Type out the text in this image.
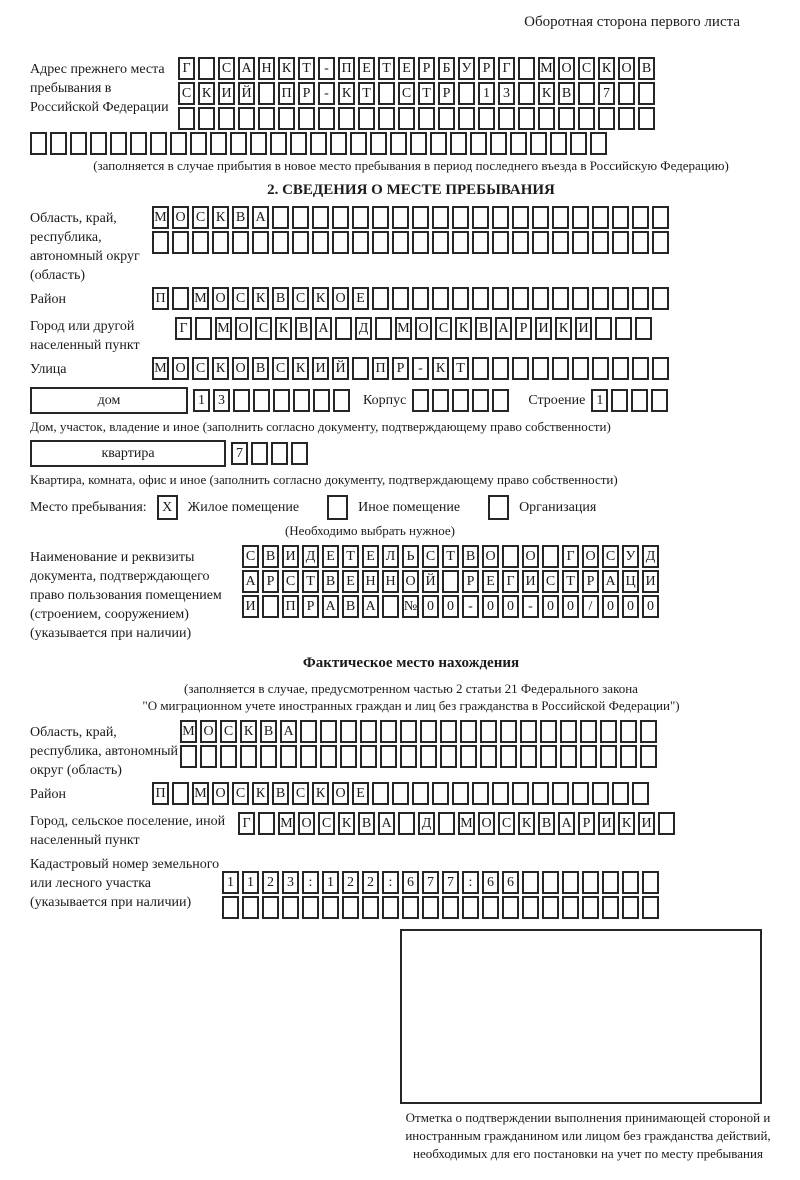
Оборотная сторона первого листа
Адрес прежнего места пребывания в Российской Федерации
Г	С А Н К Т - П Е Т Е Р Б У Р Г	М О С К О В
С К И Й П Р - К Т	С Т Р	1 3	К В	7
(заполняется в случае прибытия в новое место пребывания в период последнего въезда в Российскую Федерацию)
2. СВЕДЕНИЯ О МЕСТЕ ПРЕБЫВАНИЯ
Область, край, республика, автономный округ (область)
М О С К В А
Район	П М О С К В С К О Е
Город или другой населенный пункт
Г	М О С К В А Д М О С К В А Р И К И
Улица	М О С К О В С К И Й П Р - К Т
дом	1 3	Корпус	Строение 1
Дом, участок, владение и иное (заполнить согласно документу, подтверждающему право собственности)
квартира	7
Квартира, комната, офис и иное (заполнить согласно документу, подтверждающему право собственности)
Место пребывания:	X	Жилое помещение	Иное помещение	Организация
(Необходимо выбрать нужное)
Наименование и реквизиты документа, подтверждающего право пользования помещением (строением, сооружением) (указывается при наличии)
С В И Д Е Т Е Л Ь С Т В О О	Г О С У Д
А Р С Т В Е Н Н О Й	Р Е Г И С Т Р А Ц И
И П Р А В А № 0 0	-	0 0	-	0 0	/	0 0 0
Фактическое место нахождения
(заполняется в случае, предусмотренном частью 2 статьи 21 Федерального закона
"О миграционном учете иностранных граждан и лиц без гражданства в Российской Федерации")
Область, край, республика, автономный округ (область)
М О С К В А
Район	П М О С К В С К О Е
Город, сельское поселение, иной населенный пункт
Г	М О С К В А Д М О С К В А Р И К И
Кадастровый номер земельного или лесного участка (указывается при наличии)
1 1 2 3	:	1 2 2	:	6 7 7	:	6 6
Отметка о подтверждении выполнения принимающей стороной и иностранным гражданином или лицом без гражданства действий, необходимых для его постановки на учет по месту пребывания
